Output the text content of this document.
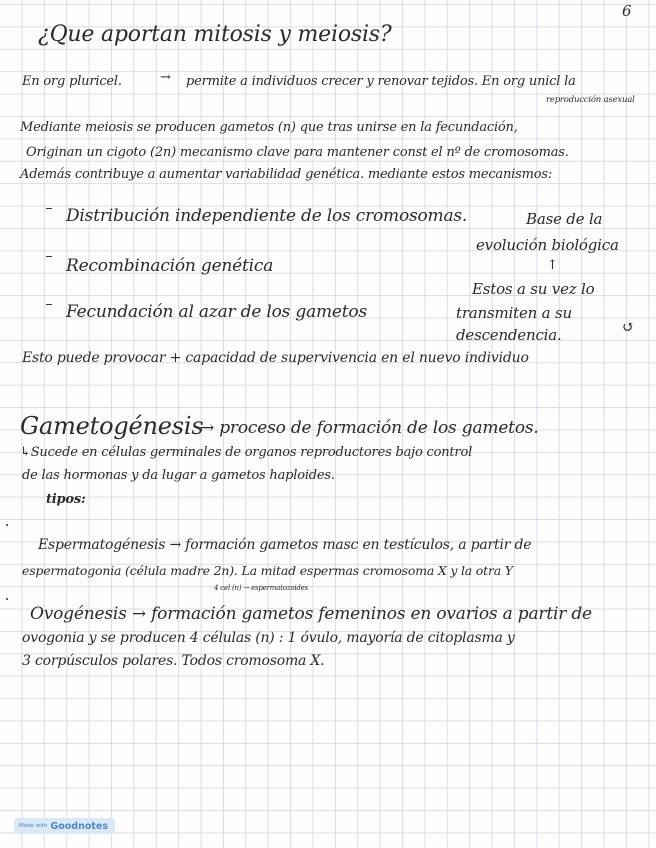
6
¿Que aportan mitosis y meiosis?
En org pluricel.	→ permite a individuos crecer y renovar tejidos. En org unicl la
reproducción asexual
Mediante meiosis se producen gametos (n) que tras unirse en la fecundación,
Originan un cigoto (2n) mecanismo clave para mantener const el nº de cromosomas.
Además contribuye a aumentar variabilidad genética. mediante estos mecanismos:
Distribución independiente de los cromosomas.
Recombinación genética
Fecundación al azar de los gametos
Base de la
evolución biológica
↑
Estos a su vez lo
transmiten a su
descendencia.	↺
Esto puede provocar + capacidad de supervivencia en el nuevo individuo
Gametogénesis
→ proceso de formación de los gametos.
↳Sucede en células germinales de organos reproductores bajo control
de las hormonas y da lugar a gametos haploides.
tipos:
Espermatogénesis → formación gametos masc en testículos, a partir de
espermatogonia (célula madre 2n). La mitad espermas cromosoma X y la otra Y
4 cel (n) → espermatozoides
Ovogénesis → formación gametos femeninos en ovarios a partir de
ovogonia y se producen 4 células (n) : 1 óvulo, mayoría de citoplasma y
3 corpúsculos polares. Todos cromosoma X.
Made with Goodnotes
